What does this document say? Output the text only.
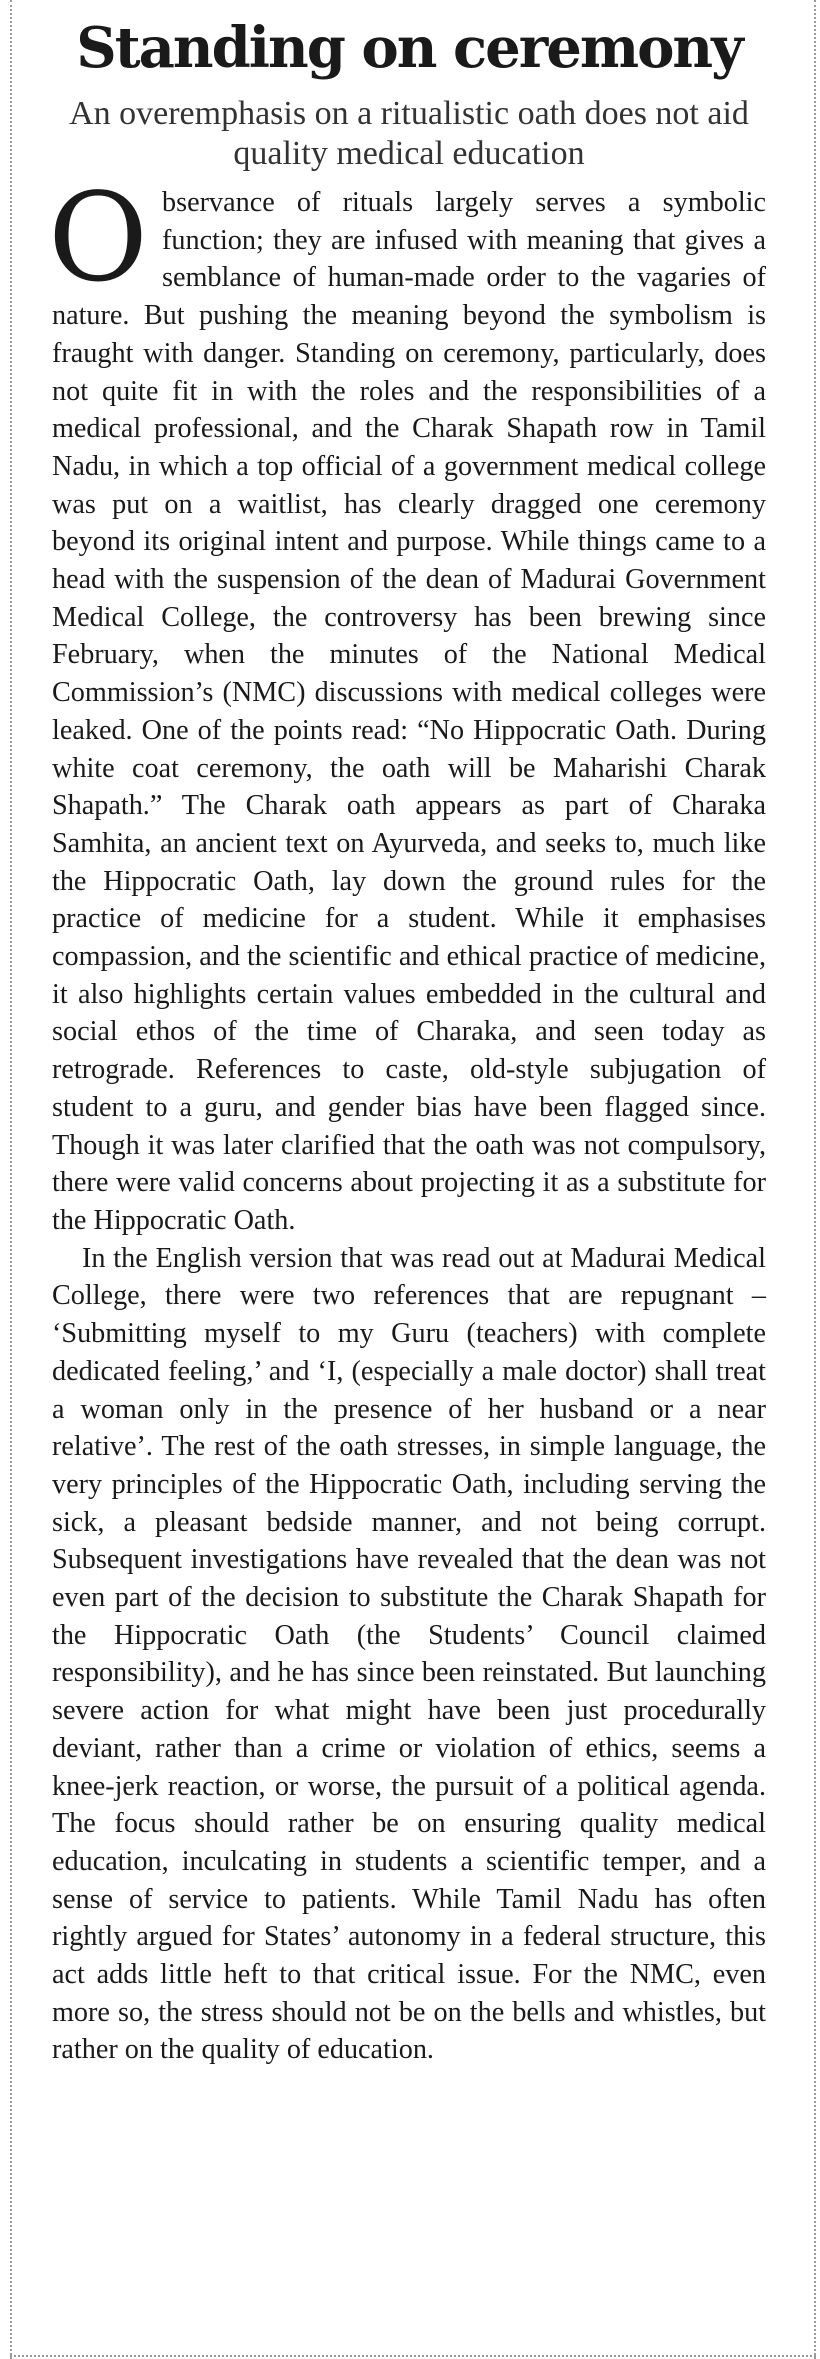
Standing on ceremony
An overemphasis on a ritualistic oath does not aid quality medical education

Observance of rituals largely serves a symbolic function; they are infused with meaning that gives a semblance of human-made order to the vagaries of nature. But pushing the meaning beyond the symbolism is fraught with danger. Standing on ceremony, particularly, does not quite fit in with the roles and the responsibilities of a medical professional, and the Charak Shapath row in Tamil Nadu, in which a top official of a government medical college was put on a waitlist, has clearly dragged one ceremony beyond its original intent and purpose. While things came to a head with the suspension of the dean of Madurai Government Medical College, the controversy has been brewing since February, when the minutes of the National Medical Commission’s (NMC) discussions with medical colleges were leaked. One of the points read: “No Hippocratic Oath. During white coat ceremony, the oath will be Maharishi Charak Shapath.” The Charak oath appears as part of Charaka Samhita, an ancient text on Ayurveda, and seeks to, much like the Hippocratic Oath, lay down the ground rules for the practice of medicine for a student. While it emphasises compassion, and the scientific and ethical practice of medicine, it also highlights certain values embedded in the cultural and social ethos of the time of Charaka, and seen today as retrograde. References to caste, old-style subjugation of student to a guru, and gender bias have been flagged since. Though it was later clarified that the oath was not compulsory, there were valid concerns about projecting it as a substitute for the Hippocratic Oath.

In the English version that was read out at Madurai Medical College, there were two references that are repugnant – ‘Submitting myself to my Guru (teachers) with complete dedicated feeling,’ and ‘I, (especially a male doctor) shall treat a woman only in the presence of her husband or a near relative’. The rest of the oath stresses, in simple language, the very principles of the Hippocratic Oath, including serving the sick, a pleasant bedside manner, and not being corrupt. Subsequent investigations have revealed that the dean was not even part of the decision to substitute the Charak Shapath for the Hippocratic Oath (the Students’ Council claimed responsibility), and he has since been reinstated. But launching severe action for what might have been just procedurally deviant, rather than a crime or violation of ethics, seems a knee-jerk reaction, or worse, the pursuit of a political agenda. The focus should rather be on ensuring quality medical education, inculcating in students a scientific temper, and a sense of service to patients. While Tamil Nadu has often rightly argued for States’ autonomy in a federal structure, this act adds little heft to that critical issue. For the NMC, even more so, the stress should not be on the bells and whistles, but rather on the quality of education.
